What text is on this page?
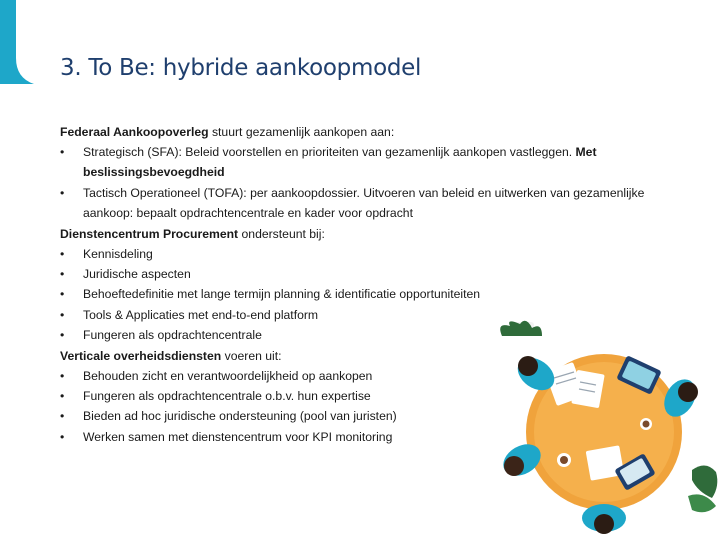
3. To Be: hybride aankoopmodel

Federaal Aankoopoverleg stuurt gezamenlijk aankopen aan:

• Strategisch (SFA): Beleid voorstellen en prioriteiten van gezamenlijk aankopen vastleggen. Met beslissingsbevoegdheid
• Tactisch Operationeel (TOFA): per aankoopdossier. Uitvoeren van beleid en uitwerken van gezamenlijke aankoop: bepaalt opdrachtencentrale en kader voor opdracht

Dienstencentrum Procurement ondersteunt bij:

• Kennisdeling
• Juridische aspecten
• Behoeftedefinitie met lange termijn planning & identificatie opportuniteiten
• Tools & Applicaties met end-to-end platform
• Fungeren als opdrachtencentrale

Verticale overheidsdiensten voeren uit:

• Behouden zicht en verantwoordelijkheid op aankopen
• Fungeren als opdrachtencentrale o.b.v. hun expertise
• Bieden ad hoc juridische ondersteuning (pool van juristen)
• Werken samen met dienstencentrum voor KPI monitoring
